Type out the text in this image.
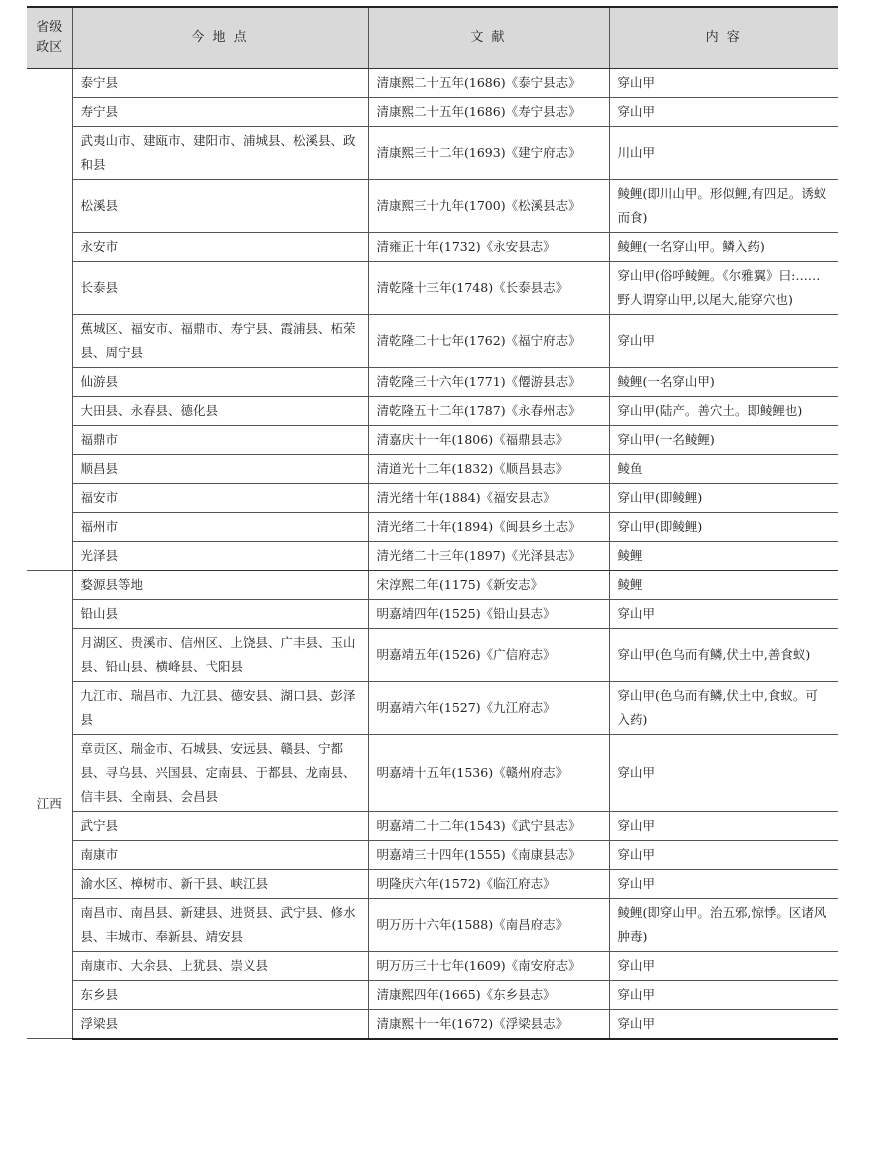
省级
政区	今 地 点	文 献	内 容

	泰宁县	清康熙二十五年(1686)《泰宁县志》	穿山甲

	寿宁县	清康熙二十五年(1686)《寿宁县志》	穿山甲

	武夷山市、建瓯市、建阳市、浦城县、松溪县、政和县	清康熙三十二年(1693)《建宁府志》	川山甲

	松溪县	清康熙三十九年(1700)《松溪县志》	鲮鲤(即川山甲。形似鲤,有四足。诱蚁而食)

	永安市	清雍正十年(1732)《永安县志》	鲮鲤(一名穿山甲。鳞入药)

	长泰县	清乾隆十三年(1748)《长泰县志》	穿山甲(俗呼鲮鲤。《尔雅翼》曰:……野人谓穿山甲,以尾大,能穿穴也)

	蕉城区、福安市、福鼎市、寿宁县、霞浦县、柘荣县、周宁县	清乾隆二十七年(1762)《福宁府志》	穿山甲

	仙游县	清乾隆三十六年(1771)《僊游县志》	鲮鲤(一名穿山甲)

	大田县、永春县、德化县	清乾隆五十二年(1787)《永春州志》	穿山甲(陆产。善穴土。即鲮鲤也)

	福鼎市	清嘉庆十一年(1806)《福鼎县志》	穿山甲(一名鲮鲤)

	顺昌县	清道光十二年(1832)《顺昌县志》	鲮鱼

	福安市	清光绪十年(1884)《福安县志》	穿山甲(即鲮鲤)

	福州市	清光绪二十年(1894)《闽县乡土志》	穿山甲(即鲮鲤)

	光泽县	清光绪二十三年(1897)《光泽县志》	鲮鲤

江西	婺源县等地	宋淳熙二年(1175)《新安志》	鲮鲤

	铅山县	明嘉靖四年(1525)《铅山县志》	穿山甲

	月湖区、贵溪市、信州区、上饶县、广丰县、玉山县、铅山县、横峰县、弋阳县	明嘉靖五年(1526)《广信府志》	穿山甲(色乌而有鳞,伏土中,善食蚁)

	九江市、瑞昌市、九江县、德安县、湖口县、彭泽县	明嘉靖六年(1527)《九江府志》	穿山甲(色乌而有鳞,伏土中,食蚁。可入药)

	章贡区、瑞金市、石城县、安远县、赣县、宁都县、寻乌县、兴国县、定南县、于都县、龙南县、信丰县、全南县、会昌县	明嘉靖十五年(1536)《赣州府志》	穿山甲

	武宁县	明嘉靖二十二年(1543)《武宁县志》	穿山甲

	南康市	明嘉靖三十四年(1555)《南康县志》	穿山甲

	渝水区、樟树市、新干县、峡江县	明隆庆六年(1572)《临江府志》	穿山甲

	南昌市、南昌县、新建县、进贤县、武宁县、修水县、丰城市、奉新县、靖安县	明万历十六年(1588)《南昌府志》	鲮鲤(即穿山甲。治五邪,惊悸。区诸风肿毒)

	南康市、大余县、上犹县、崇义县	明万历三十七年(1609)《南安府志》	穿山甲

	东乡县	清康熙四年(1665)《东乡县志》	穿山甲

	浮梁县	清康熙十一年(1672)《浮梁县志》	穿山甲
